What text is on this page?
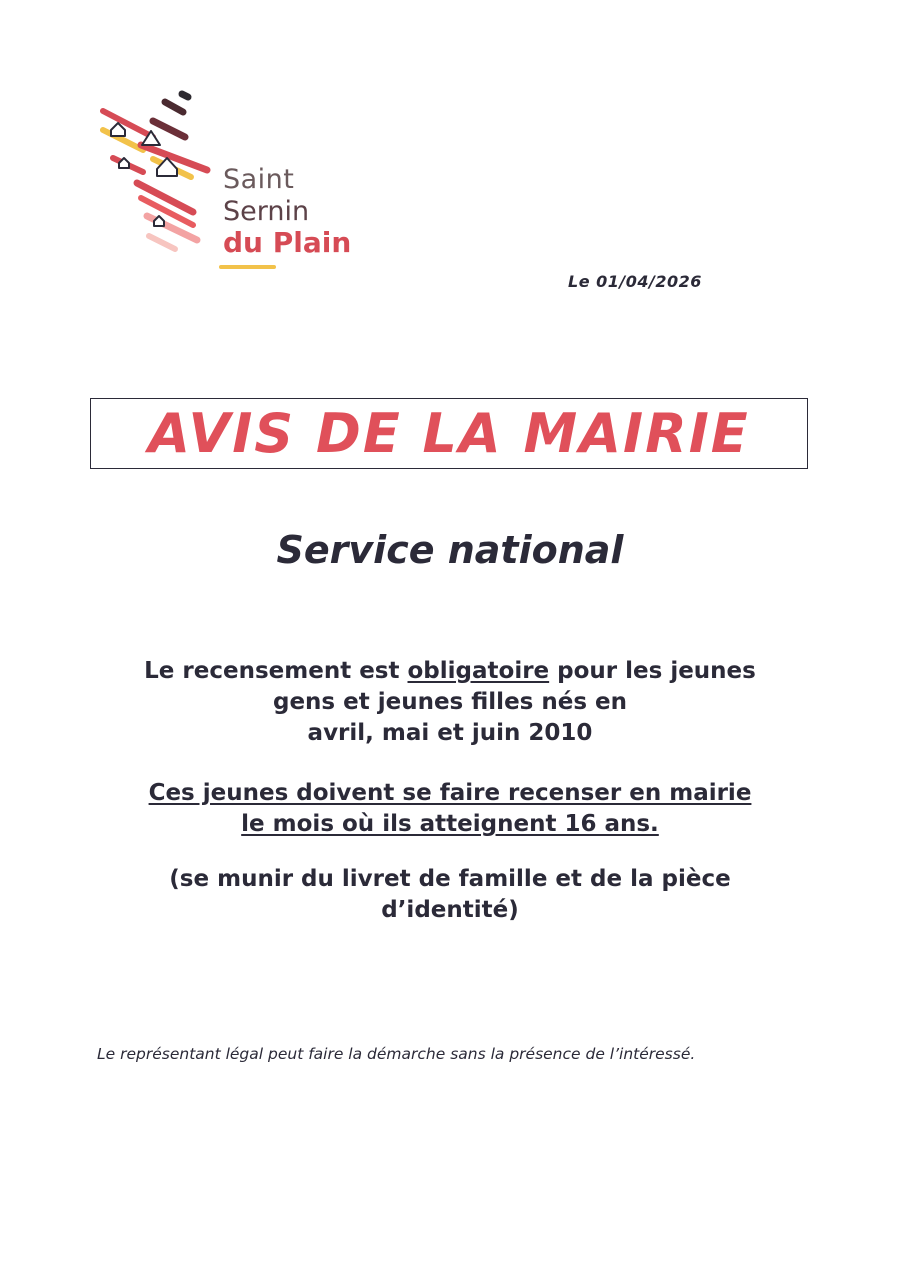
Saint
Sernin
du Plain
Le 01/04/2026
AVIS DE LA MAIRIE
Service national
Le recensement est obligatoire pour les jeunes
gens et jeunes filles nés en
avril, mai et juin 2010
Ces jeunes doivent se faire recenser en mairie
le mois où ils atteignent 16 ans.
(se munir du livret de famille et de la pièce
d’identité)
Le représentant légal peut faire la démarche sans la présence de l’intéressé.
